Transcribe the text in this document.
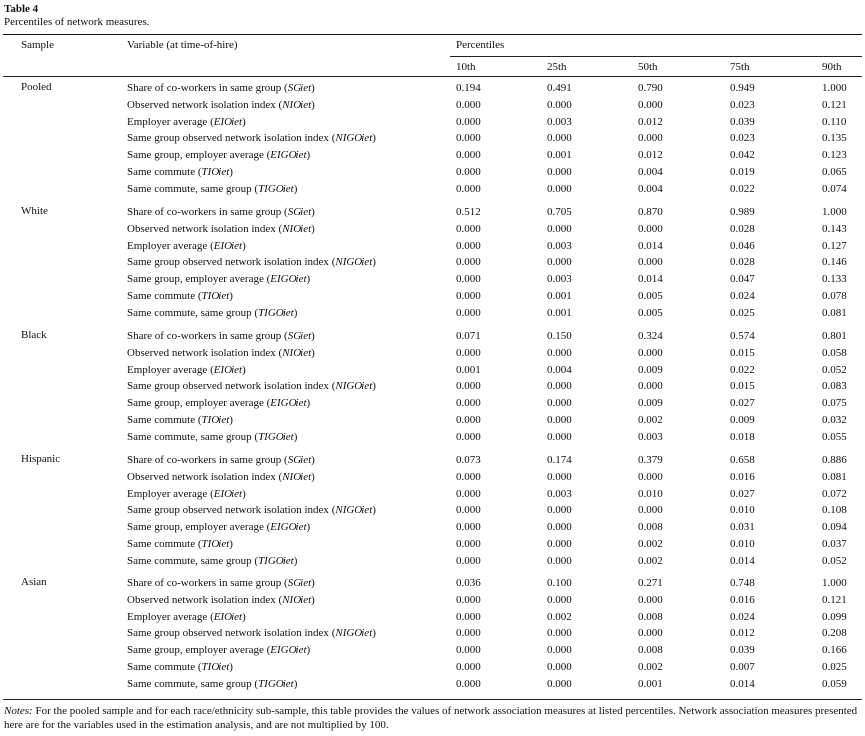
Table 4
Percentiles of network measures.
Sample	Variable (at time-of-hire)	Percentiles
10th	25th	50th	75th	90th
Pooled	Share of co-workers in same group (SGiet)	0.194	0.491	0.790	0.949	1.000
Observed network isolation index (NIOiet)	0.000	0.000	0.000	0.023	0.121
Employer average (EIOiet)	0.000	0.003	0.012	0.039	0.110
Same group observed network isolation index (NIGOiet)	0.000	0.000	0.000	0.023	0.135
Same group, employer average (EIGOiet)	0.000	0.001	0.012	0.042	0.123
Same commute (TIOiet)	0.000	0.000	0.004	0.019	0.065
Same commute, same group (TIGOiet)	0.000	0.000	0.004	0.022	0.074
White	Share of co-workers in same group (SGiet)	0.512	0.705	0.870	0.989	1.000
Observed network isolation index (NIOiet)	0.000	0.000	0.000	0.028	0.143
Employer average (EIOiet)	0.000	0.003	0.014	0.046	0.127
Same group observed network isolation index (NIGOiet)	0.000	0.000	0.000	0.028	0.146
Same group, employer average (EIGOiet)	0.000	0.003	0.014	0.047	0.133
Same commute (TIOiet)	0.000	0.001	0.005	0.024	0.078
Same commute, same group (TIGOiet)	0.000	0.001	0.005	0.025	0.081
Black	Share of co-workers in same group (SGiet)	0.071	0.150	0.324	0.574	0.801
Observed network isolation index (NIOiet)	0.000	0.000	0.000	0.015	0.058
Employer average (EIOiet)	0.001	0.004	0.009	0.022	0.052
Same group observed network isolation index (NIGOiet)	0.000	0.000	0.000	0.015	0.083
Same group, employer average (EIGOiet)	0.000	0.000	0.009	0.027	0.075
Same commute (TIOiet)	0.000	0.000	0.002	0.009	0.032
Same commute, same group (TIGOiet)	0.000	0.000	0.003	0.018	0.055
Hispanic	Share of co-workers in same group (SGiet)	0.073	0.174	0.379	0.658	0.886
Observed network isolation index (NIOiet)	0.000	0.000	0.000	0.016	0.081
Employer average (EIOiet)	0.000	0.003	0.010	0.027	0.072
Same group observed network isolation index (NIGOiet)	0.000	0.000	0.000	0.010	0.108
Same group, employer average (EIGOiet)	0.000	0.000	0.008	0.031	0.094
Same commute (TIOiet)	0.000	0.000	0.002	0.010	0.037
Same commute, same group (TIGOiet)	0.000	0.000	0.002	0.014	0.052
Asian	Share of co-workers in same group (SGiet)	0.036	0.100	0.271	0.748	1.000
Observed network isolation index (NIOiet)	0.000	0.000	0.000	0.016	0.121
Employer average (EIOiet)	0.000	0.002	0.008	0.024	0.099
Same group observed network isolation index (NIGOiet)	0.000	0.000	0.000	0.012	0.208
Same group, employer average (EIGOiet)	0.000	0.000	0.008	0.039	0.166
Same commute (TIOiet)	0.000	0.000	0.002	0.007	0.025
Same commute, same group (TIGOiet)	0.000	0.000	0.001	0.014	0.059
Notes: For the pooled sample and for each race/ethnicity sub-sample, this table provides the values of network association measures at listed percentiles. Network association measures presented here are for the variables used in the estimation analysis, and are not multiplied by 100.
